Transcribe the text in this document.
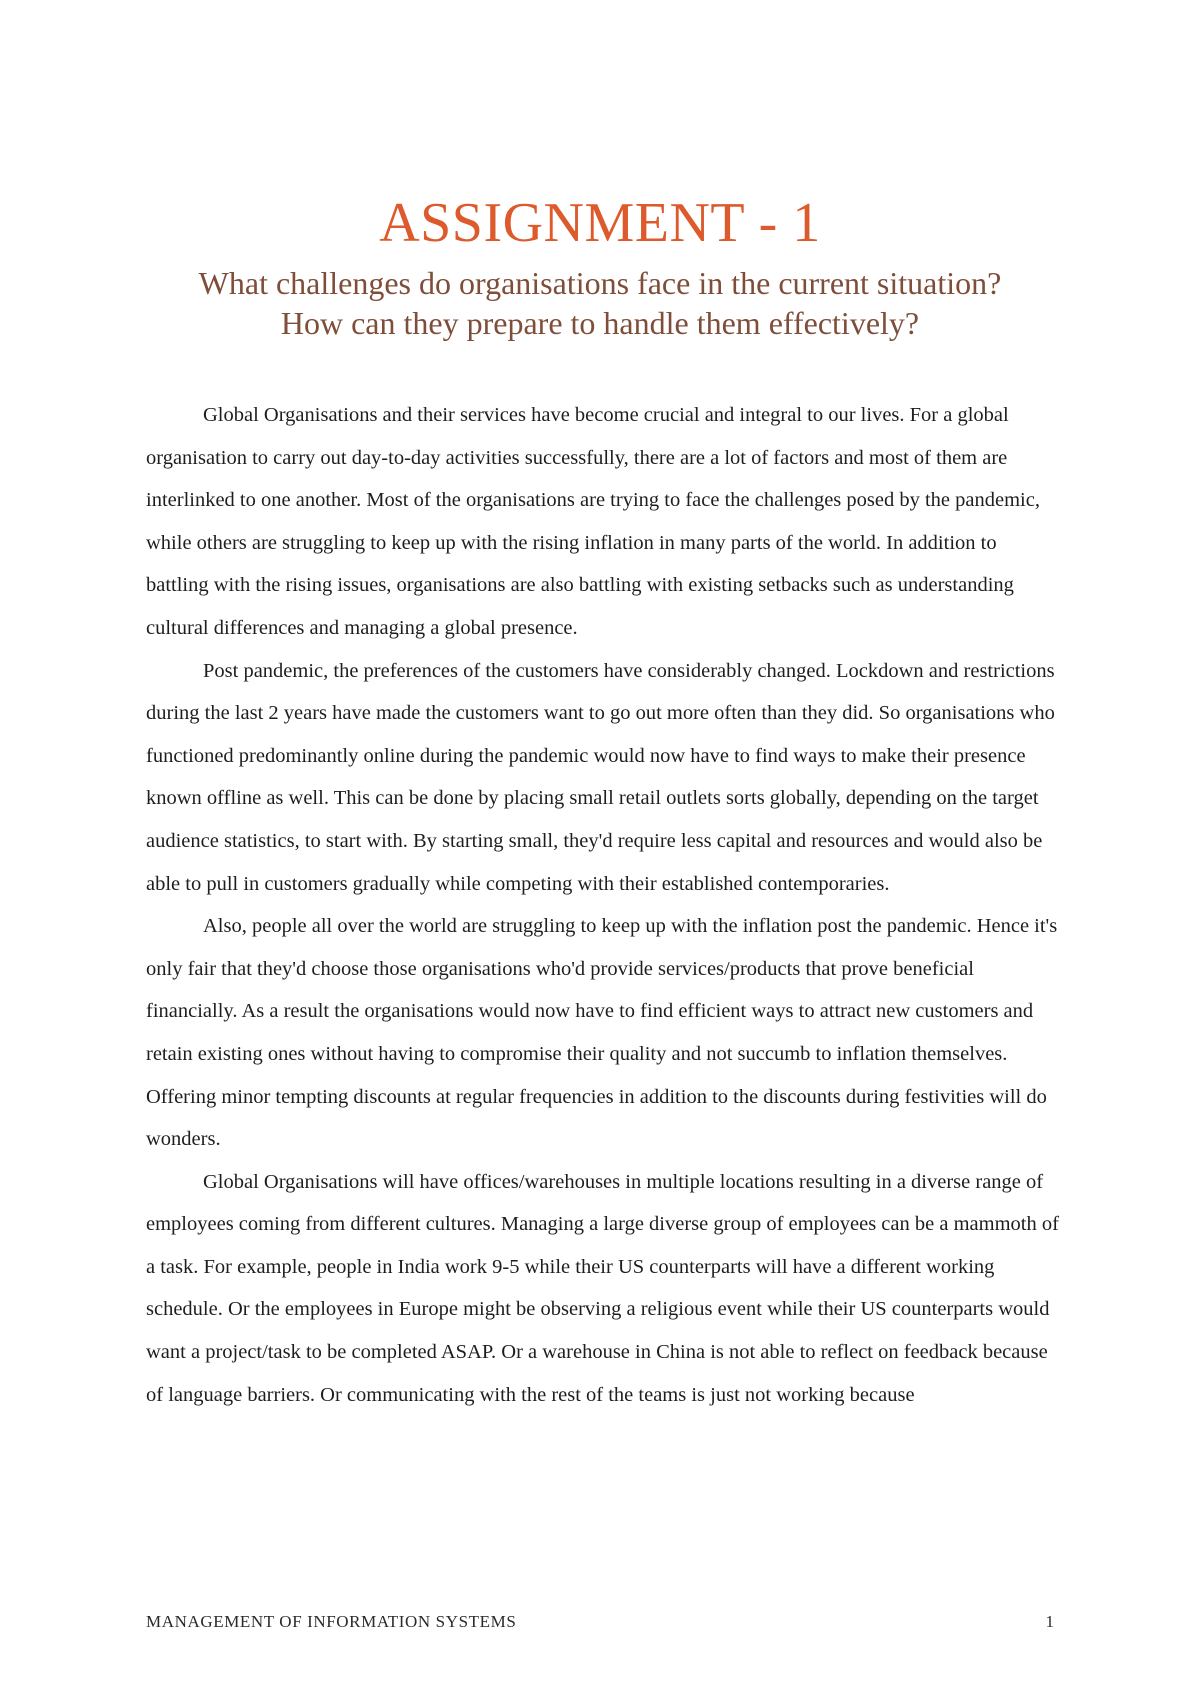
ASSIGNMENT - 1
What challenges do organisations face in the current situation?
How can they prepare to handle them effectively?

Global Organisations and their services have become crucial and integral to our lives. For a global organisation to carry out day-to-day activities successfully, there are a lot of factors and most of them are interlinked to one another. Most of the organisations are trying to face the challenges posed by the pandemic, while others are struggling to keep up with the rising inflation in many parts of the world. In addition to battling with the rising issues, organisations are also battling with existing setbacks such as understanding cultural differences and managing a global presence.

Post pandemic, the preferences of the customers have considerably changed. Lockdown and restrictions during the last 2 years have made the customers want to go out more often than they did. So organisations who functioned predominantly online during the pandemic would now have to find ways to make their presence known offline as well. This can be done by placing small retail outlets sorts globally, depending on the target audience statistics, to start with. By starting small, they'd require less capital and resources and would also be able to pull in customers gradually while competing with their established contemporaries.

Also, people all over the world are struggling to keep up with the inflation post the pandemic. Hence it's only fair that they'd choose those organisations who'd provide services/products that prove beneficial financially. As a result the organisations would now have to find efficient ways to attract new customers and retain existing ones without having to compromise their quality and not succumb to inflation themselves. Offering minor tempting discounts at regular frequencies in addition to the discounts during festivities will do wonders.

Global Organisations will have offices/warehouses in multiple locations resulting in a diverse range of employees coming from different cultures. Managing a large diverse group of employees can be a mammoth of a task. For example, people in India work 9-5 while their US counterparts will have a different working schedule. Or the employees in Europe might be observing a religious event while their US counterparts would want a project/task to be completed ASAP. Or a warehouse in China is not able to reflect on feedback because of language barriers. Or communicating with the rest of the teams is just not working because

MANAGEMENT OF INFORMATION SYSTEMS	1
